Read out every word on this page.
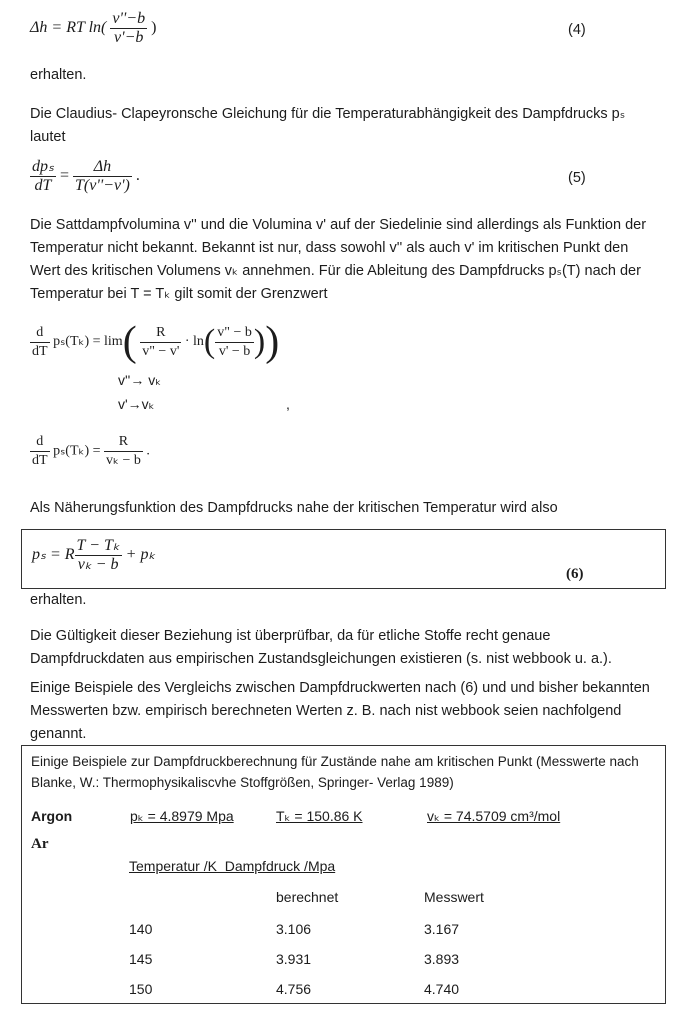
Δh = RT $\ln( \frac{v''-b}{v'-b}$ )	(4)
erhalten.
Die Claudius- Clapeyronsche Gleichung für die Temperaturabhängigkeit des Dampfdrucks pₛ lautet
$\frac{\text{dpₛ}}{dT} = \frac{\Delta h}{T(v''-v')}$ .	(5)
Die Sattdampfvolumina v'' und die Volumina v' auf der Siedelinie sind allerdings als Funktion der Temperatur nicht bekannt. Bekannt ist nur, dass sowohl v'' als auch v' im kritischen Punkt den Wert des kritischen Volumens vₖ annehmen. Für die Ableitung des Dampfdrucks pₛ(T) nach der Temperatur bei T = Tₖ gilt somit der Grenzwert
$\frac{d}{dT} p_s(T_k) = \lim( \frac{R}{v" - v'} \cdot \ln( \frac{v" - b}{v' - b}$ ))
v''→ vₖ
v'→vₖ	,
$\frac{d}{dT} p_s(T_k) = \frac{R}{\text{vₖ − b}}$ .
Als Näherungsfunktion des Dampfdrucks nahe der kritischen Temperatur wird also
pₛ = R $\frac{\text{T − Tₖ}}{\text{vₖ − b}} + p_k$
(6)
erhalten.
Die Gültigkeit dieser Beziehung ist überprüfbar, da für etliche Stoffe recht genaue Dampfdruckdaten aus empirischen Zustandsgleichungen existieren (s. nist webbook u. a.).
Einige Beispiele des Vergleichs zwischen Dampfdruckwerten nach (6) und und bisher bekannten Messwerten bzw. empirisch berechneten Werten z. B. nach nist webbook seien nachfolgend genannt.
Einige Beispiele zur Dampfdruckberechnung für Zustände nahe am kritischen Punkt (Messwerte nach Blanke, W.: Thermophysikaliscvhe Stoffgrößen, Springer- Verlag 1989)
Argon	pₖ = 4.8979 Mpa	Tₖ = 150.86 K	vₖ = 74.5709 cm³/mol
Ar
Temperatur /K  Dampfdruck /Mpa
berechnet	Messwert
140	3.106	3.167
145	3.931	3.893
150	4.756	4.740
